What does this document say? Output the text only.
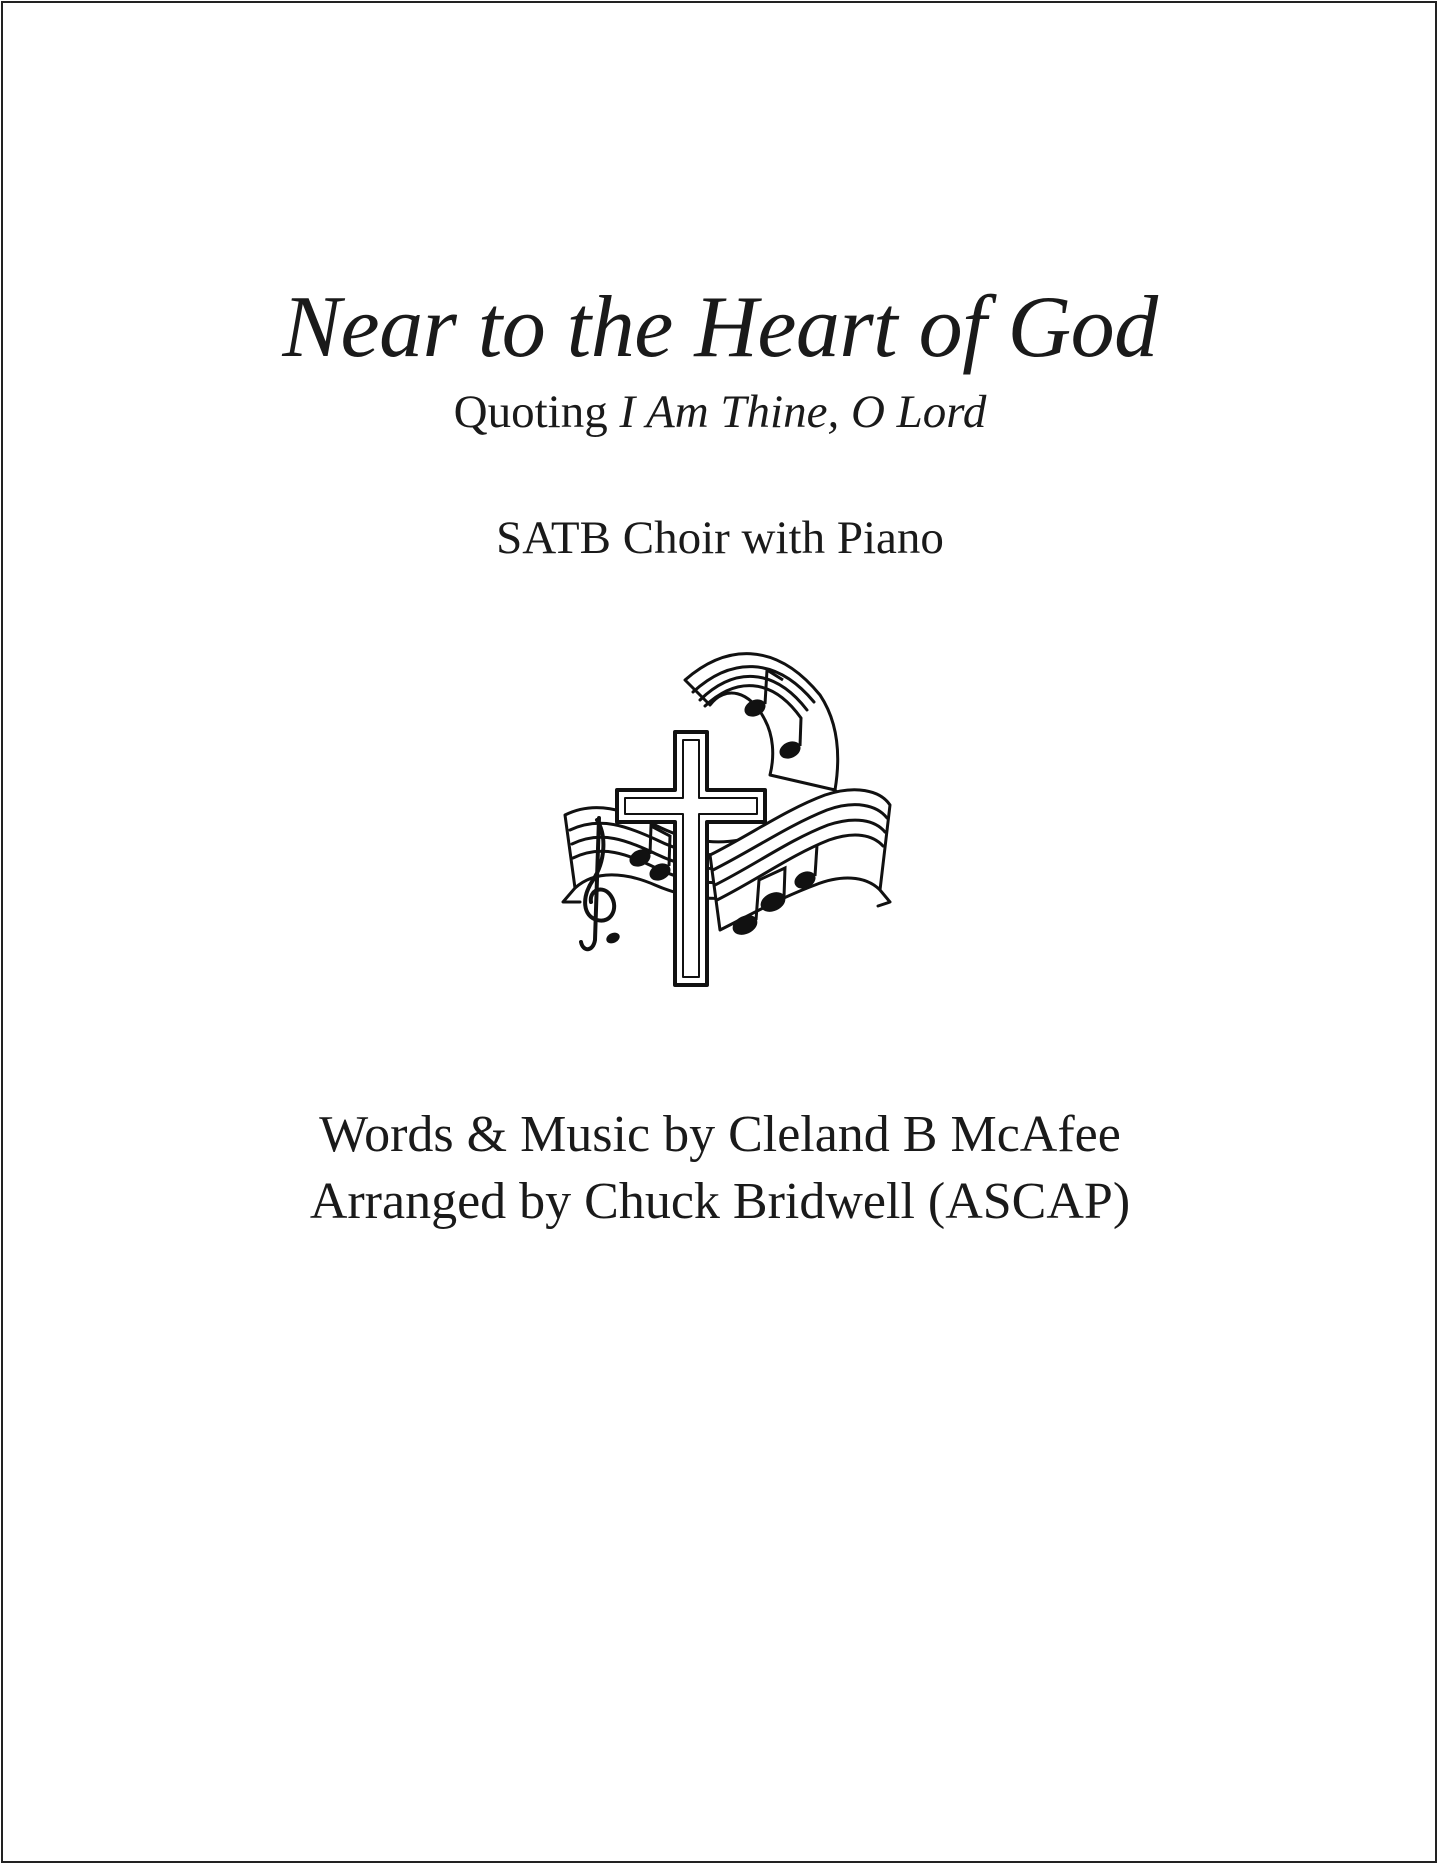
Near to the Heart of God
Quoting I Am Thine, O Lord
SATB Choir with Piano
Words & Music by Cleland B McAfee
Arranged by Chuck Bridwell (ASCAP)
